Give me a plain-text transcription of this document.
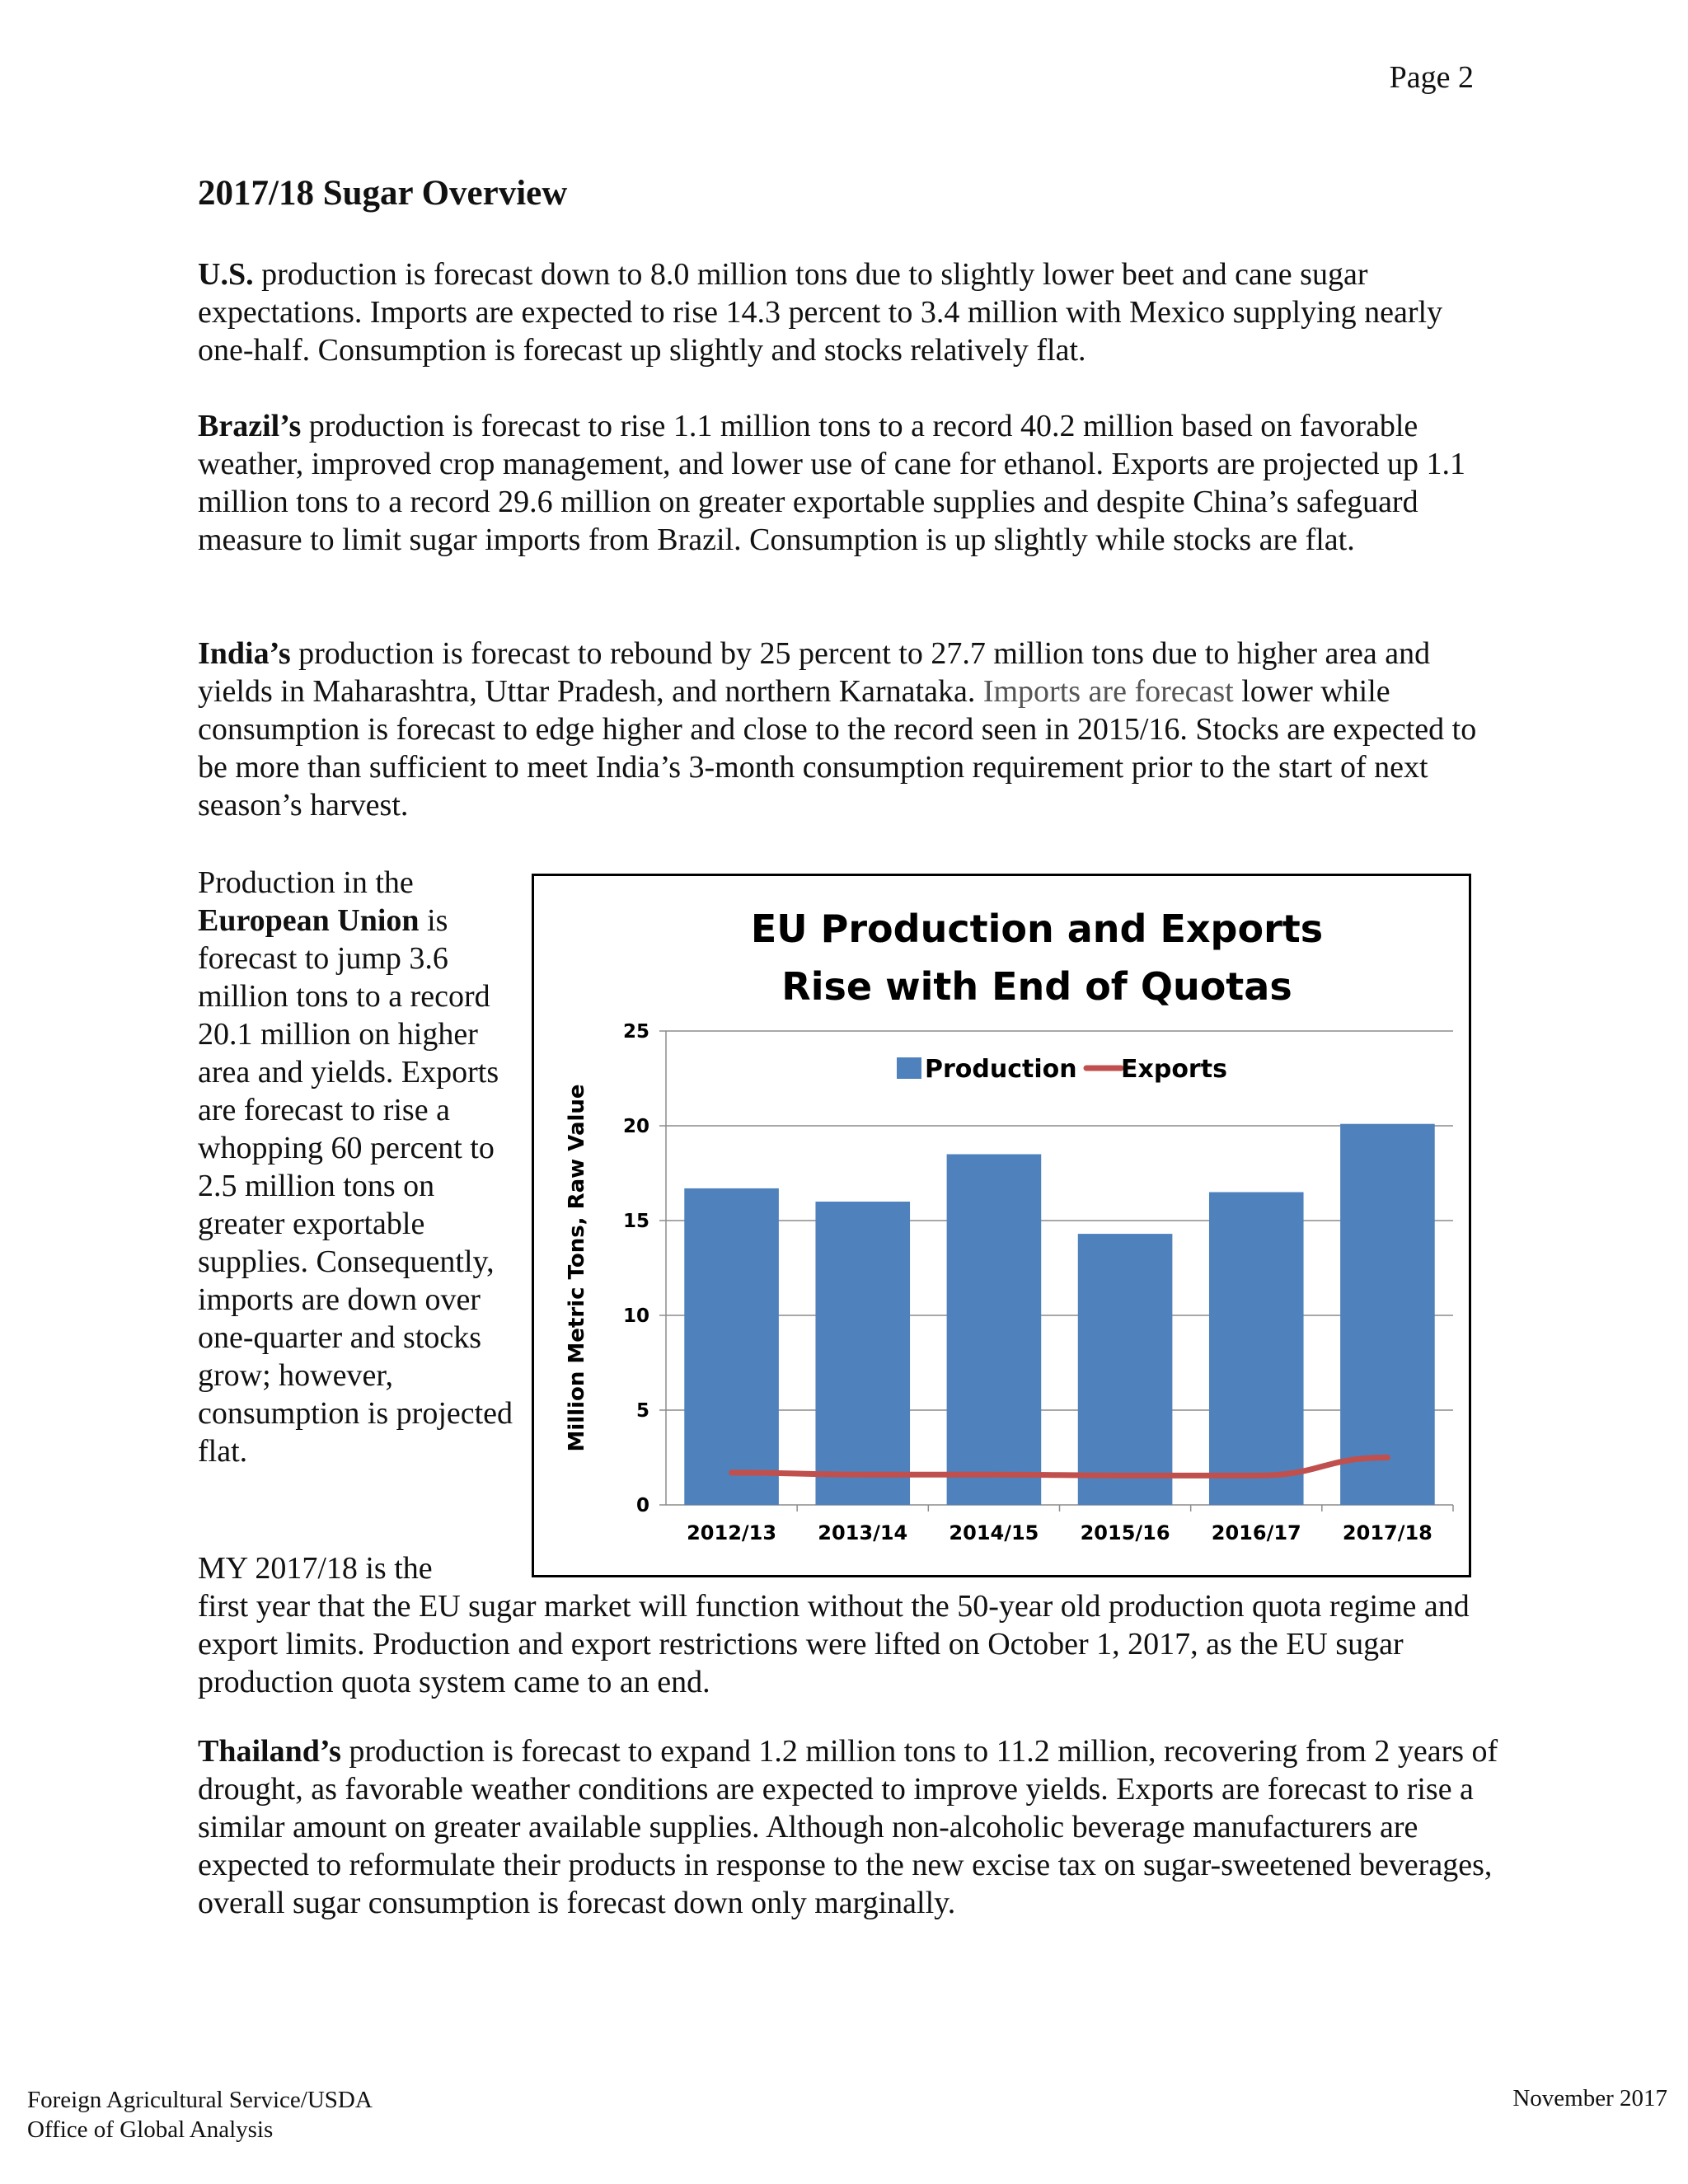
Page 2
2017/18 Sugar Overview

U.S. production is forecast down to 8.0 million tons due to slightly lower beet and cane sugar expectations. Imports are expected to rise 14.3 percent to 3.4 million with Mexico supplying nearly one-half. Consumption is forecast up slightly and stocks relatively flat.

Brazil’s production is forecast to rise 1.1 million tons to a record 40.2 million based on favorable weather, improved crop management, and lower use of cane for ethanol. Exports are projected up 1.1 million tons to a record 29.6 million on greater exportable supplies and despite China’s safeguard measure to limit sugar imports from Brazil. Consumption is up slightly while stocks are flat.

India’s production is forecast to rebound by 25 percent to 27.7 million tons due to higher area and yields in Maharashtra, Uttar Pradesh, and northern Karnataka. Imports are forecast lower while consumption is forecast to edge higher and close to the record seen in 2015/16. Stocks are expected to be more than sufficient to meet India’s 3-month consumption requirement prior to the start of next season’s harvest.

Production in the European Union is forecast to jump 3.6 million tons to a record 20.1 million on higher area and yields. Exports are forecast to rise a whopping 60 percent to 2.5 million tons on greater exportable supplies. Consequently, imports are down over one-quarter and stocks grow; however, consumption is projected flat.

EU Production and Exports
Rise with End of Quotas
0
5
10
15
20
25
Million Metric Tons, Raw Value
2012/13 2013/14 2014/15 2015/16 2016/17 2017/18
Production Exports

MY 2017/18 is the

first year that the EU sugar market will function without the 50-year old production quota regime and export limits. Production and export restrictions were lifted on October 1, 2017, as the EU sugar production quota system came to an end.

Thailand’s production is forecast to expand 1.2 million tons to 11.2 million, recovering from 2 years of drought, as favorable weather conditions are expected to improve yields. Exports are forecast to rise a similar amount on greater available supplies. Although non-alcoholic beverage manufacturers are expected to reformulate their products in response to the new excise tax on sugar-sweetened beverages, overall sugar consumption is forecast down only marginally.

Foreign Agricultural Service/USDA
Office of Global Analysis
November 2017
